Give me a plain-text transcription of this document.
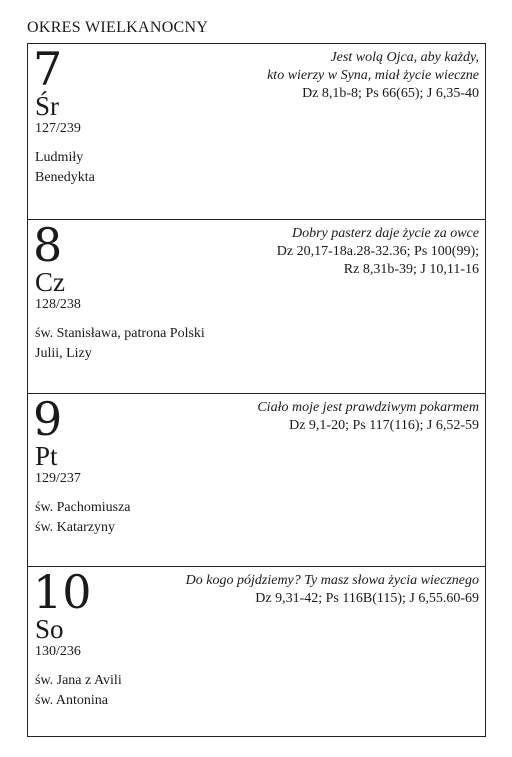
OKRES WIELKANOCNY
7
Śr
127/239
Ludmiły
Benedykta
Jest wolą Ojca, aby każdy,
kto wierzy w Syna, miał życie wieczne
Dz 8,1b-8; Ps 66(65); J 6,35-40
8
Cz
128/238
św. Stanisława, patrona Polski
Julii, Lizy
Dobry pasterz daje życie za owce
Dz 20,17-18a.28-32.36; Ps 100(99);
Rz 8,31b-39; J 10,11-16
9
Pt
129/237
św. Pachomiusza
św. Katarzyny
Ciało moje jest prawdziwym pokarmem
Dz 9,1-20; Ps 117(116); J 6,52-59
10
So
130/236
św. Jana z Avili
św. Antonina
Do kogo pójdziemy? Ty masz słowa życia wiecznego
Dz 9,31-42; Ps 116B(115); J 6,55.60-69
